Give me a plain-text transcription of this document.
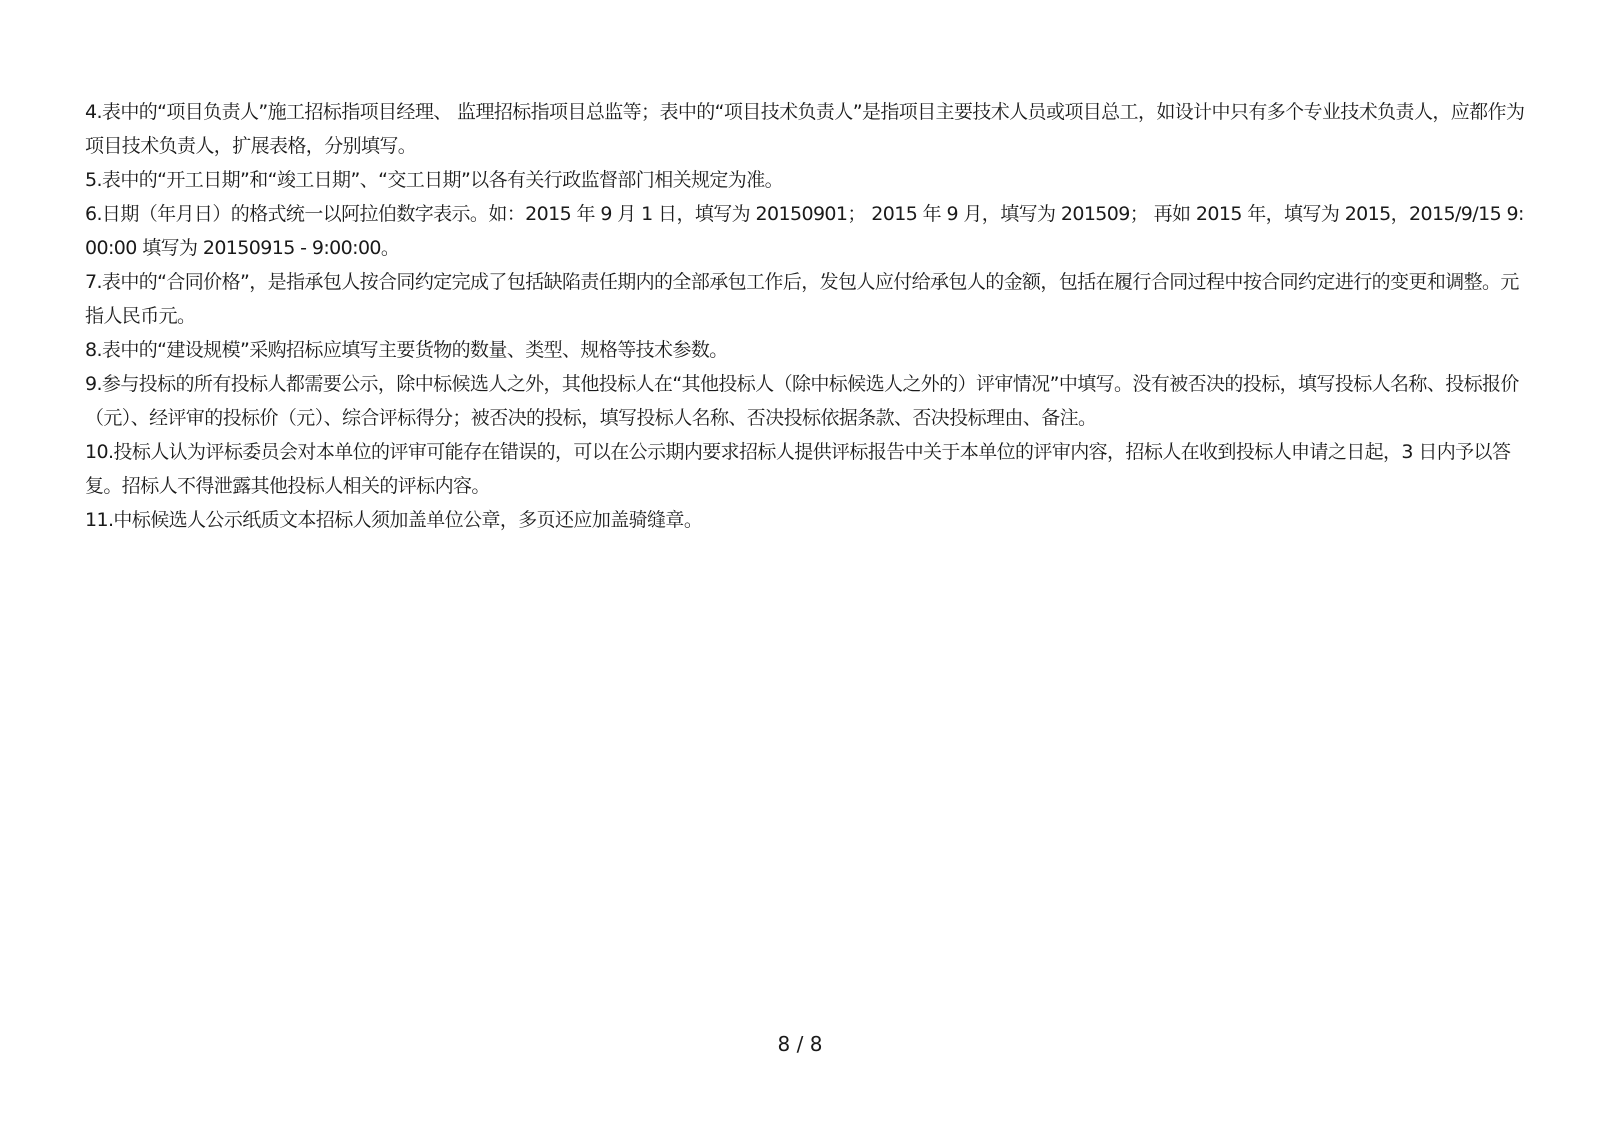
4.表中的“项目负责人”施工招标指项目经理、 监理招标指项目总监等；表中的“项目技术负责人”是指项目主要技术人员或项目总工，如设计中只有多个专业技术负责人，应都作为项目技术负责人，扩展表格，分别填写。

5.表中的“开工日期”和“竣工日期”、“交工日期”以各有关行政监督部门相关规定为准。

6.日期（年月日）的格式统一以阿拉伯数字表示。如：2015 年 9 月 1 日，填写为 20150901； 2015 年 9 月，填写为 201509； 再如 2015 年，填写为 2015，2015/9/15 9:00:00 填写为 20150915 - 9:00:00。

7.表中的“合同价格”，是指承包人按合同约定完成了包括缺陷责任期内的全部承包工作后，发包人应付给承包人的金额，包括在履行合同过程中按合同约定进行的变更和调整。元指人民币元。

8.表中的“建设规模”采购招标应填写主要货物的数量、类型、规格等技术参数。

9.参与投标的所有投标人都需要公示，除中标候选人之外，其他投标人在“其他投标人（除中标候选人之外的）评审情况”中填写。没有被否决的投标，填写投标人名称、投标报价（元）、经评审的投标价（元）、综合评标得分；被否决的投标，填写投标人名称、否决投标依据条款、否决投标理由、备注。

10.投标人认为评标委员会对本单位的评审可能存在错误的，可以在公示期内要求招标人提供评标报告中关于本单位的评审内容，招标人在收到投标人申请之日起，3 日内予以答复。招标人不得泄露其他投标人相关的评标内容。

11.中标候选人公示纸质文本招标人须加盖单位公章，多页还应加盖骑缝章。

8 / 8
